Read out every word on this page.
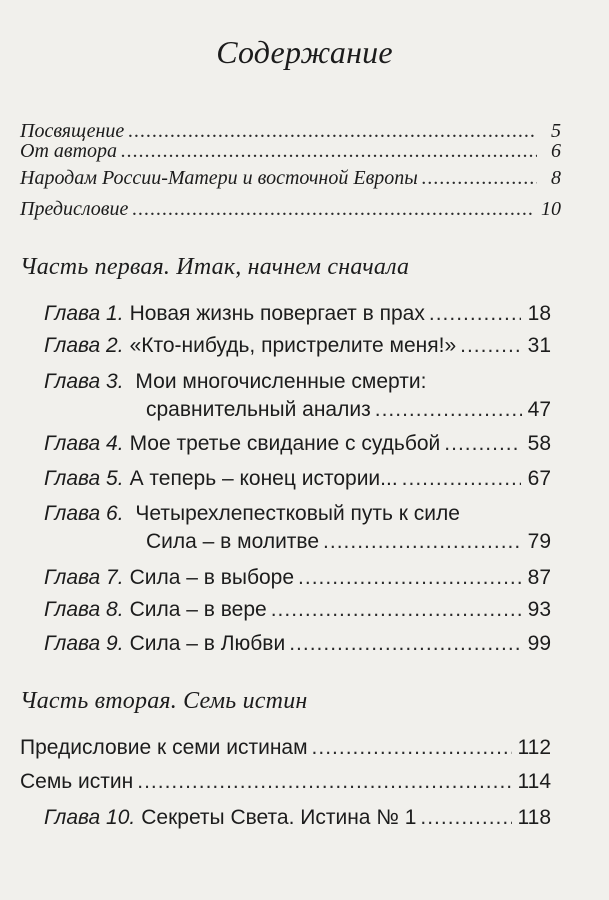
Содержание
Посвящение .....	5
От автора .....	6
Народам России-Матери и восточной Европы .....	8
Предисловие .....	10
Часть первая. Итак, начнем сначала
Глава 1. Новая жизнь повергает в прах .....	18
Глава 2. «Кто-нибудь, пристрелите меня!» .....	31
Глава 3. Мои многочисленные смерти:
сравнительный анализ .....	47
Глава 4. Мое третье свидание с судьбой .....	58
Глава 5. А теперь – конец истории... .....	67
Глава 6. Четырехлепестковый путь к силе
Сила – в молитве .....	79
Глава 7. Сила – в выборе .....	87
Глава 8. Сила – в вере .....	93
Глава 9. Сила – в Любви .....	99
Часть вторая. Семь истин
Предисловие к семи истинам .....	112
Семь истин .....	114
Глава 10. Секреты Света. Истина № 1 .....	118
